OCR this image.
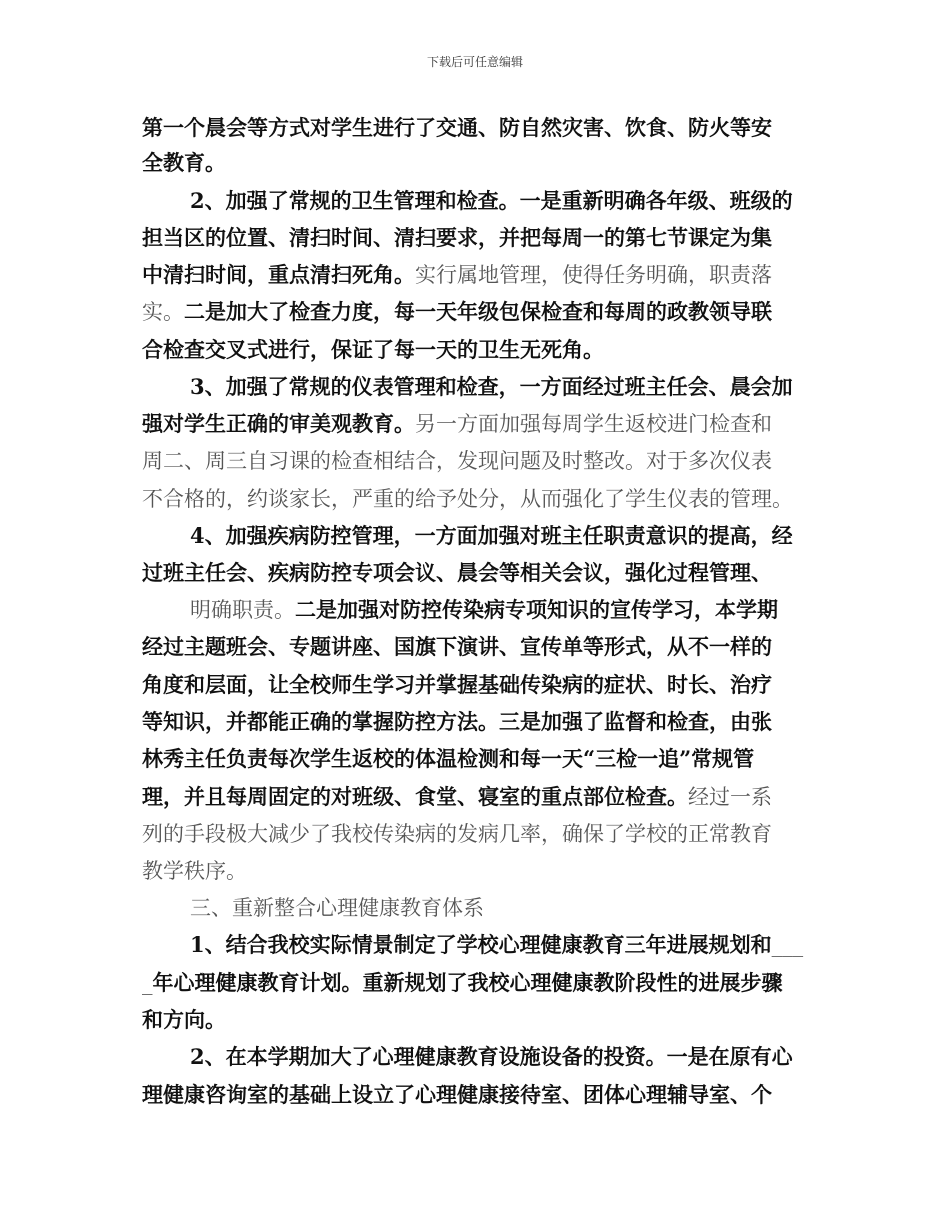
下载后可任意编辑
第一个晨会等方式对学生进行了交通、防自然灾害、饮食、防火等安
全教育。
2、加强了常规的卫生管理和检查。一是重新明确各年级、班级的
担当区的位置、清扫时间、清扫要求，并把每周一的第七节课定为集
中清扫时间，重点清扫死角。实行属地管理，使得任务明确，职责落
实。二是加大了检查力度，每一天年级包保检查和每周的政教领导联
合检查交叉式进行，保证了每一天的卫生无死角。
3、加强了常规的仪表管理和检查，一方面经过班主任会、晨会加
强对学生正确的审美观教育。另一方面加强每周学生返校进门检查和
周二、周三自习课的检查相结合，发现问题及时整改。对于多次仪表
不合格的，约谈家长，严重的给予处分，从而强化了学生仪表的管理。
4、加强疾病防控管理，一方面加强对班主任职责意识的提高，经
过班主任会、疾病防控专项会议、晨会等相关会议，强化过程管理、
明确职责。二是加强对防控传染病专项知识的宣传学习，本学期
经过主题班会、专题讲座、国旗下演讲、宣传单等形式，从不一样的
角度和层面，让全校师生学习并掌握基础传染病的症状、时长、治疗
等知识，并都能正确的掌握防控方法。三是加强了监督和检查，由张
林秀主任负责每次学生返校的体温检测和每一天“三检一追”常规管
理，并且每周固定的对班级、食堂、寝室的重点部位检查。经过一系
列的手段极大减少了我校传染病的发病几率，确保了学校的正常教育
教学秩序。
三、重新整合心理健康教育体系
1、结合我校实际情景制定了学校心理健康教育三年进展规划和___
_年心理健康教育计划。重新规划了我校心理健康教阶段性的进展步骤
和方向。
2、在本学期加大了心理健康教育设施设备的投资。一是在原有心
理健康咨询室的基础上设立了心理健康接待室、团体心理辅导室、个
